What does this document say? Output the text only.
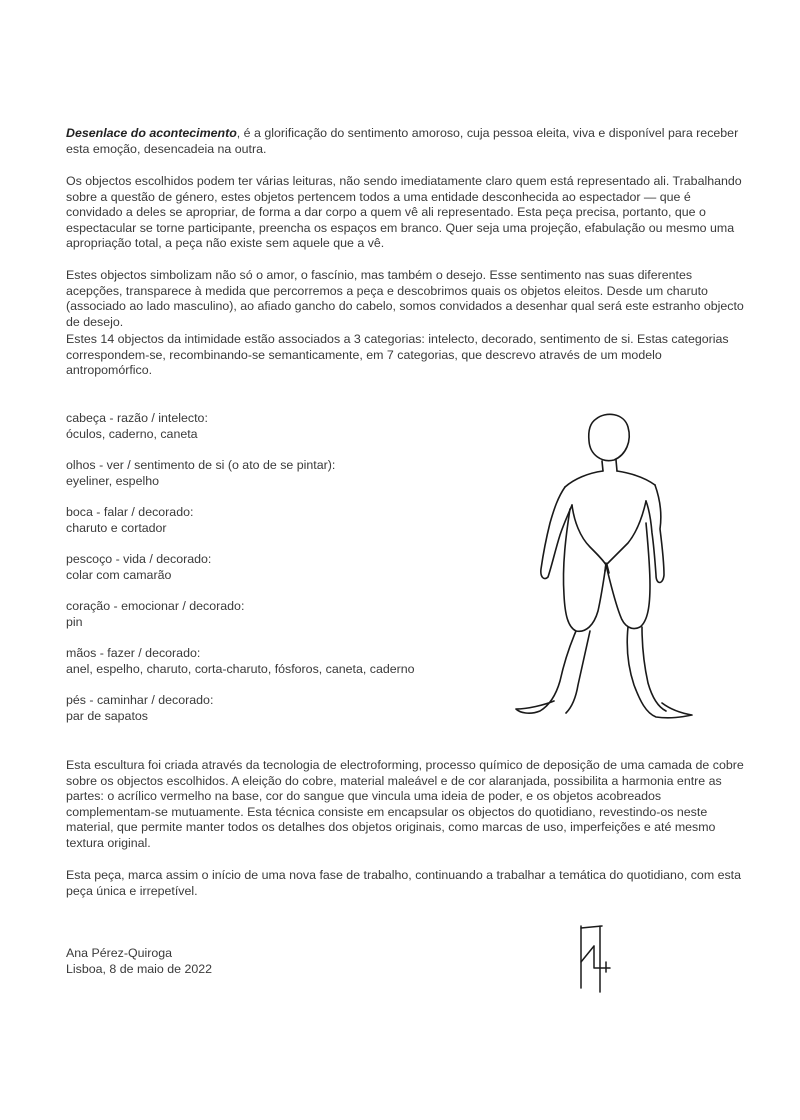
Desenlace do acontecimento, é a glorificação do sentimento amoroso, cuja pessoa eleita, viva e disponível para receber esta emoção, desencadeia na outra.

Os objectos escolhidos podem ter várias leituras, não sendo imediatamente claro quem está representado ali. Trabalhando sobre a questão de género, estes objetos pertencem todos a uma entidade desconhecida ao espectador — que é convidado a deles se apropriar, de forma a dar corpo a quem vê ali representado. Esta peça precisa, portanto, que o espectacular se torne participante, preencha os espaços em branco. Quer seja uma projeção, efabulação ou mesmo uma apropriação total, a peça não existe sem aquele que a vê.

Estes objectos simbolizam não só o amor, o fascínio, mas também o desejo. Esse sentimento nas suas diferentes acepções, transparece à medida que percorremos a peça e descobrimos quais os objetos eleitos. Desde um charuto (associado ao lado masculino), ao afiado gancho do cabelo, somos convidados a desenhar qual será este estranho objecto de desejo.

Estes 14 objectos da intimidade estão associados a 3 categorias: intelecto, decorado, sentimento de si. Estas categorias correspondem-se, recombinando-se semanticamente, em 7 categorias, que descrevo através de um modelo antropomórfico.

cabeça - razão / intelecto:
óculos, caderno, caneta
olhos - ver / sentimento de si (o ato de se pintar):
eyeliner, espelho
boca - falar / decorado:
charuto e cortador
pescoço - vida / decorado:
colar com camarão
coração - emocionar / decorado:
pin
mãos - fazer / decorado:
anel, espelho, charuto, corta-charuto, fósforos, caneta, caderno
pés - caminhar / decorado:
par de sapatos

Esta escultura foi criada através da tecnologia de electroforming, processo químico de deposição de uma camada de cobre sobre os objectos escolhidos. A eleição do cobre, material maleável e de cor alaranjada, possibilita a harmonia entre as partes: o acrílico vermelho na base, cor do sangue que vincula uma ideia de poder, e os objetos acobreados complementam-se mutuamente. Esta técnica consiste em encapsular os objectos do quotidiano, revestindo-os neste material, que permite manter todos os detalhes dos objetos originais, como marcas de uso, imperfeições e até mesmo textura original.

Esta peça, marca assim o início de uma nova fase de trabalho, continuando a trabalhar a temática do quotidiano, com esta peça única e irrepetível.

Ana Pérez-Quiroga
Lisboa, 8 de maio de 2022
